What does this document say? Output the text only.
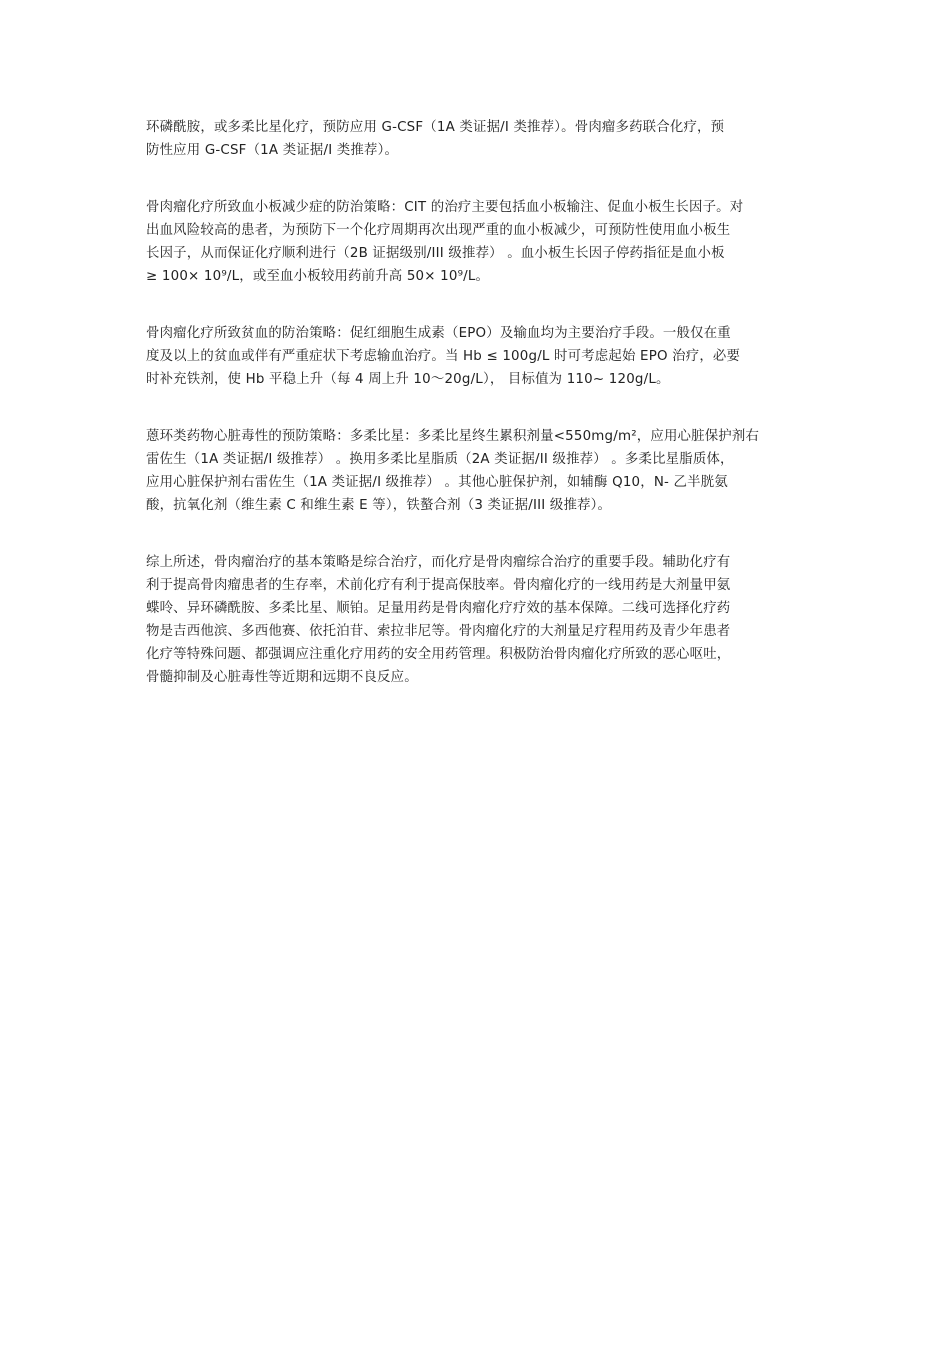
环磷酰胺，或多柔比星化疗，预防应用 G-CSF（1A 类证据/I 类推荐）。骨肉瘤多药联合化疗，预
防性应用 G-CSF（1A 类证据/I 类推荐）。

骨肉瘤化疗所致血小板减少症的防治策略：CIT 的治疗主要包括血小板输注、促血小板生长因子。对
出血风险较高的患者，为预防下一个化疗周期再次出现严重的血小板减少，可预防性使用血小板生
长因子，从而保证化疗顺利进行（2B 证据级别/III 级推荐） 。血小板生长因子停药指征是血小板
≥ 100× 10⁹/L，或至血小板较用药前升高 50× 10⁹/L。

骨肉瘤化疗所致贫血的防治策略：促红细胞生成素（EPO）及输血均为主要治疗手段。一般仅在重
度及以上的贫血或伴有严重症状下考虑输血治疗。当 Hb ≤ 100g/L 时可考虑起始 EPO 治疗，必要
时补充铁剂，使 Hb 平稳上升（每 4 周上升 10～20g/L）， 目标值为 110~ 120g/L。

蒽环类药物心脏毒性的预防策略：多柔比星：多柔比星终生累积剂量<550mg/m²，应用心脏保护剂右
雷佐生（1A 类证据/I 级推荐） 。换用多柔比星脂质（2A 类证据/II 级推荐） 。多柔比星脂质体，
应用心脏保护剂右雷佐生（1A 类证据/I 级推荐） 。其他心脏保护剂，如辅酶 Q10，N- 乙半胱氨
酸，抗氧化剂（维生素 C 和维生素 E 等），铁螯合剂（3 类证据/III 级推荐）。

综上所述，骨肉瘤治疗的基本策略是综合治疗，而化疗是骨肉瘤综合治疗的重要手段。辅助化疗有
利于提高骨肉瘤患者的生存率，术前化疗有利于提高保肢率。骨肉瘤化疗的一线用药是大剂量甲氨
蝶呤、异环磷酰胺、多柔比星、顺铂。足量用药是骨肉瘤化疗疗效的基本保障。二线可选择化疗药
物是吉西他滨、多西他赛、依托泊苷、索拉非尼等。骨肉瘤化疗的大剂量足疗程用药及青少年患者
化疗等特殊问题、都强调应注重化疗用药的安全用药管理。积极防治骨肉瘤化疗所致的恶心呕吐，
骨髓抑制及心脏毒性等近期和远期不良反应。
